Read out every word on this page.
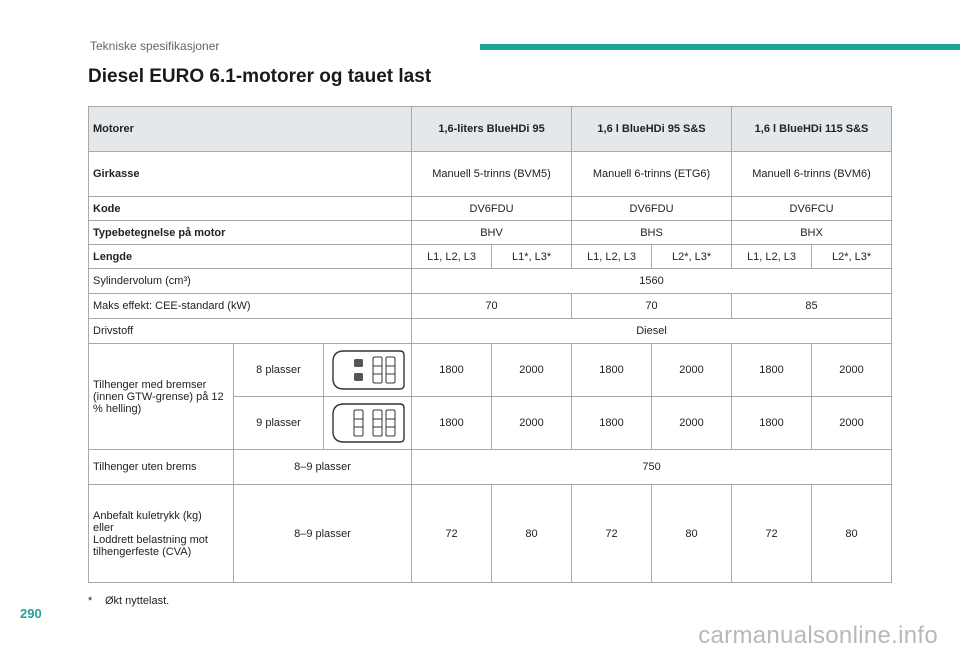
Tekniske spesifikasjoner
Diesel EURO 6.1-motorer og tauet last
Motorer			1,6-liters BlueHDi 95		1,6 l BlueHDi 95 S&S		1,6 l BlueHDi 115 S&S	
Girkasse			Manuell 5-trinns (BVM5)		Manuell 6-trinns (ETG6)		Manuell 6-trinns (BVM6)	
Kode			DV6FDU		DV6FDU		DV6FCU	
Typebetegnelse på motor			BHV		BHS		BHX	
Lengde			L1, L2, L3	L1*, L3*	L1, L2, L3	L2*, L3*	L1, L2, L3	L2*, L3*
Sylindervolum (cm³)			1560					
Maks effekt: CEE-standard (kW)			70		70		85	
Drivstoff			Diesel					
Tilhenger med bremser (innen GTW-grense) på 12 % helling)	8 plasser		1800	2000	1800	2000	1800	2000
	9 plasser		1800	2000	1800	2000	1800	2000
Tilhenger uten brems	8–9 plasser		750					
Anbefalt kuletrykk (kg)
eller
Loddrett belastning mot
tilhengerfeste (CVA)	8–9 plasser		72	80	72	80	72	80
* Økt nyttelast.
290
carmanualsonline.info
